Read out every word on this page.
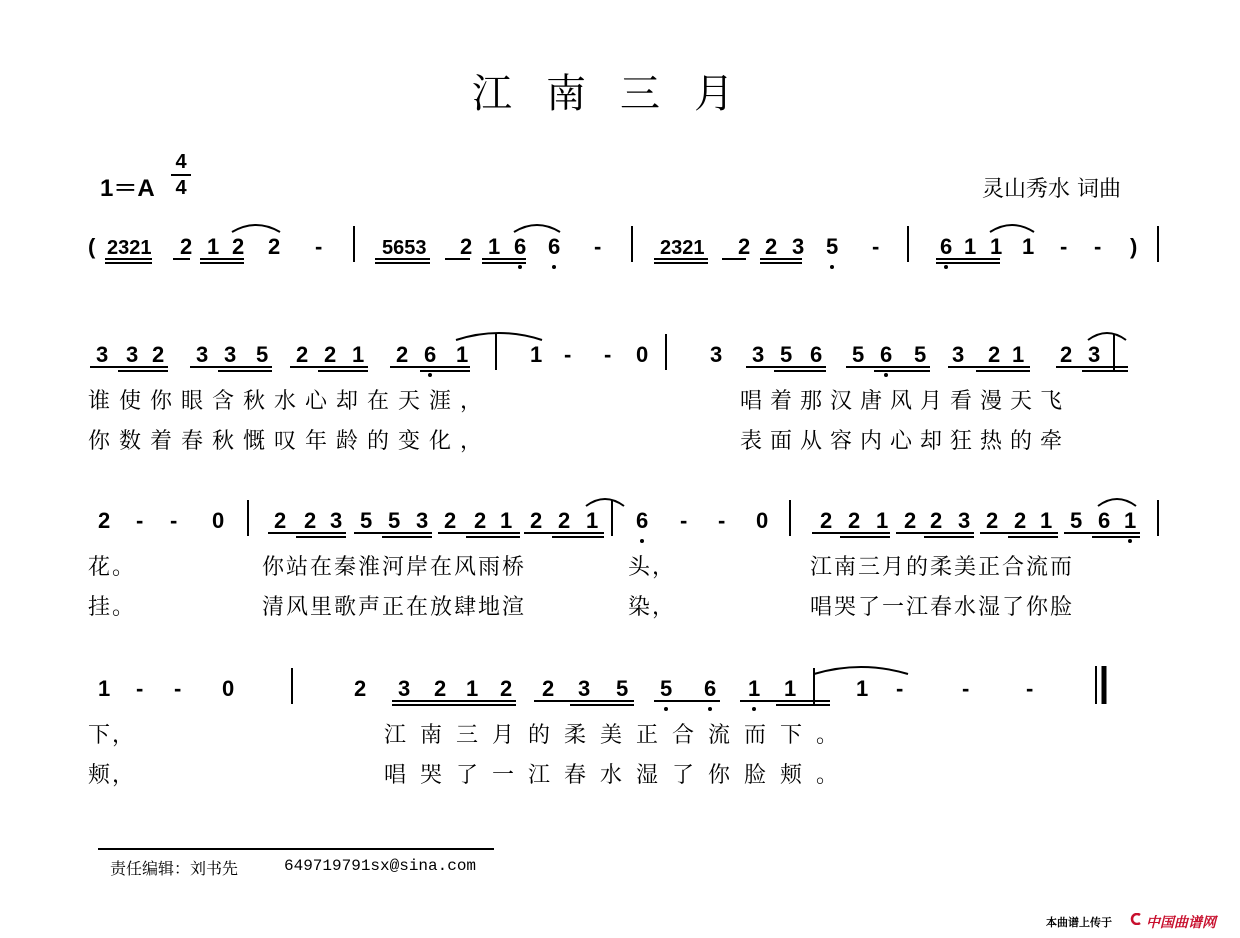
江南三月
1＝A
4
4	灵山秀水 词曲
( 2321 2 1 2 2 -	5653 2 1 6 6 -	2321 2 2 3 5 -	6 1 1 1 - - )
3 3 2 3 3 5 2 2 1 2 6 1	1 - - 0	3 3 5 6 5 6 5 3 2 1 2 3
2 - - 0 2 2 3 5 5 3 2 2 1 2 2 1 6 - - 0 2 2 1 2 2 3 2 2 1 5 6 1
1 - - 0	2 3 2 1 2 2 3 5 5 6 1 1	1 -	-	-
谁使你眼含秋水心却在天涯，	唱着那汉唐风月看漫天飞
你数着春秋慨叹年龄的变化，	表面从容内心却狂热的牵
花。	你站在秦淮河岸在风雨桥	头，	江南三月的柔美正合流而
挂。	清风里歌声正在放肆地渲	染，	唱哭了一江春水湿了你脸
下，	江南三月的柔美正合流而下。
颊，	唱哭了一江春水湿了你脸颊。
责任编辑：刘书先	649719791sx@sina.com
本曲谱上传于 中国曲谱网
